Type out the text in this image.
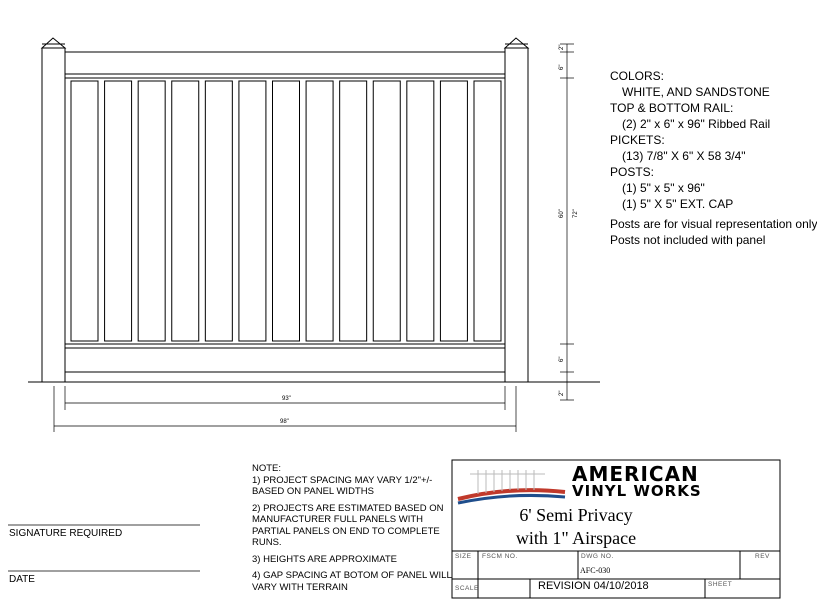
2"
6"
60" 72"
6"
2"
93"
98"
COLORS:
WHITE, AND SANDSTONE
TOP & BOTTOM RAIL:
(2) 2" x 6" x 96" Ribbed Rail
PICKETS:
(13) 7/8" X 6" X 58 3/4"
POSTS:
(1) 5" x 5" x 96"
(1) 5" X 5" EXT. CAP
Posts are for visual representation only
Posts not included with panel

NOTE:

1) PROJECT SPACING MAY VARY 1/2"+/- BASED ON PANEL WIDTHS

2) PROJECTS ARE ESTIMATED BASED ON MANUFACTURER FULL PANELS WITH PARTIAL PANELS ON END TO COMPLETE RUNS.

3) HEIGHTS ARE APPROXIMATE

4) GAP SPACING AT BOTOM OF PANEL WILL VARY WITH TERRAIN

SIGNATURE REQUIRED
DATE
AMERICAN
VINYL WORKS
6' Semi Privacy
with 1" Airspace
SIZE FSCM NO.	DWG NO.
AFC-030
REV
SCALE	REVISION 04/10/2018	SHEET
